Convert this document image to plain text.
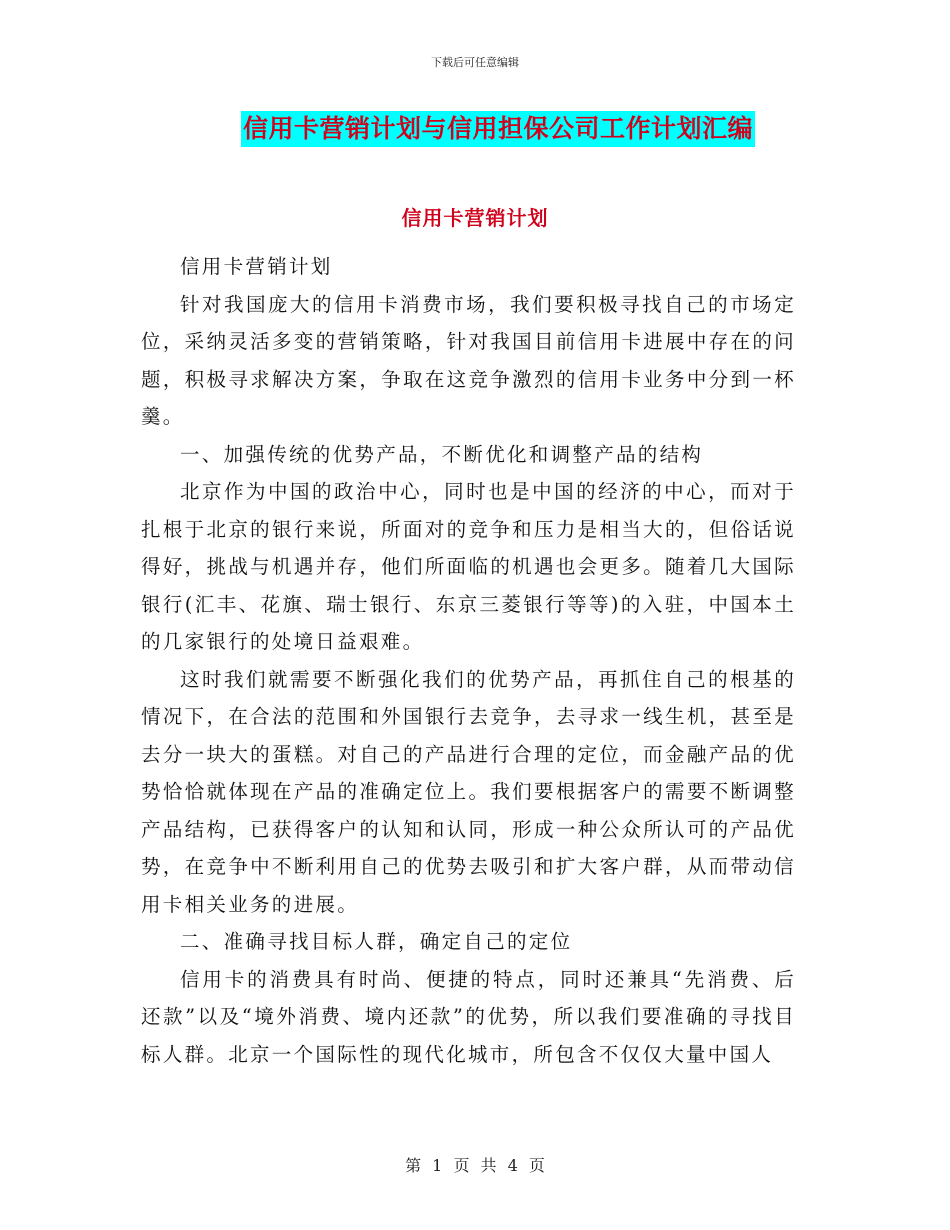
下载后可任意编辑
信用卡营销计划与信用担保公司工作计划汇编
信用卡营销计划

信用卡营销计划

针对我国庞大的信用卡消费市场，我们要积极寻找自己的市场定位，采纳灵活多变的营销策略，针对我国目前信用卡进展中存在的问题，积极寻求解决方案，争取在这竞争激烈的信用卡业务中分到一杯羹。

一、加强传统的优势产品，不断优化和调整产品的结构

北京作为中国的政治中心，同时也是中国的经济的中心，而对于扎根于北京的银行来说，所面对的竞争和压力是相当大的，但俗话说得好，挑战与机遇并存，他们所面临的机遇也会更多。随着几大国际银行(汇丰、花旗、瑞士银行、东京三菱银行等等)的入驻，中国本土的几家银行的处境日益艰难。

这时我们就需要不断强化我们的优势产品，再抓住自己的根基的情况下，在合法的范围和外国银行去竞争，去寻求一线生机，甚至是去分一块大的蛋糕。对自己的产品进行合理的定位，而金融产品的优势恰恰就体现在产品的准确定位上。我们要根据客户的需要不断调整产品结构，已获得客户的认知和认同，形成一种公众所认可的产品优势，在竞争中不断利用自己的优势去吸引和扩大客户群，从而带动信用卡相关业务的进展。

二、准确寻找目标人群，确定自己的定位

信用卡的消费具有时尚、便捷的特点，同时还兼具“先消费、后还款”以及“境外消费、境内还款”的优势，所以我们要准确的寻找目标人群。北京一个国际性的现代化城市，所包含不仅仅大量中国人

第 1 页 共 4 页
